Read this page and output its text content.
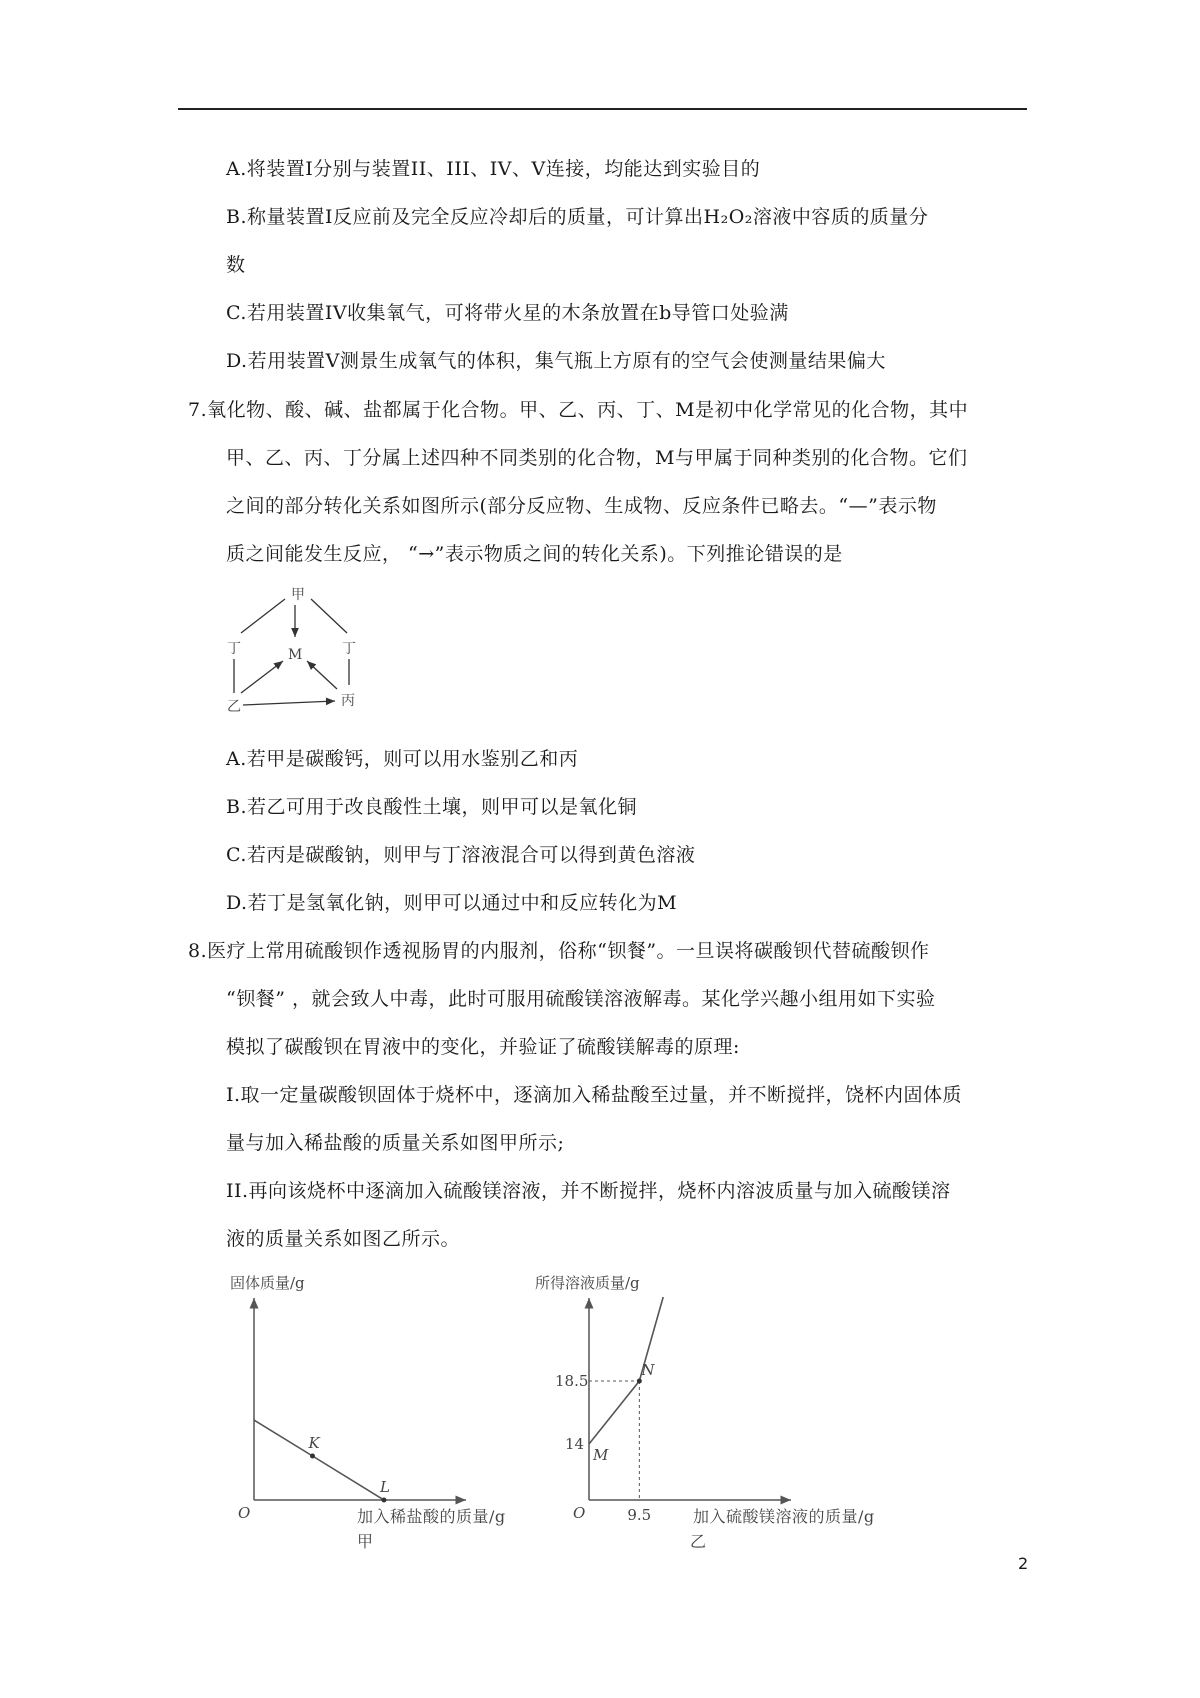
A.将装置Ⅰ分别与装置II、III、IV、V连接，均能达到实验目的
B.称量装置Ⅰ反应前及完全反应冷却后的质量，可计算出H₂O₂溶液中容质的质量分
数
C.若用装置IV收集氧气，可将带火星的木条放置在b导管口处验满
D.若用装置V测景生成氧气的体积，集气瓶上方原有的空气会使测量结果偏大
7.氧化物、酸、碱、盐都属于化合物。甲、乙、丙、丁、M是初中化学常见的化合物，其中
甲、乙、丙、丁分属上述四种不同类别的化合物，M与甲属于同种类别的化合物。它们
之间的部分转化关系如图所示(部分反应物、生成物、反应条件已略去。“—”表示物
质之间能发生反应， “→”表示物质之间的转化关系)。下列推论错误的是
甲
丁	丁
M
乙	丙
A.若甲是碳酸钙，则可以用水鉴别乙和丙
B.若乙可用于改良酸性土壤，则甲可以是氧化铜
C.若丙是碳酸钠，则甲与丁溶液混合可以得到黄色溶液
D.若丁是氢氧化钠，则甲可以通过中和反应转化为M
8.医疗上常用硫酸钡作透视肠胃的内服剂，俗称“钡餐”。一旦误将碳酸钡代替硫酸钡作
“钡餐” ，就会致人中毒，此时可服用硫酸镁溶液解毒。某化学兴趣小组用如下实验
模拟了碳酸钡在胃液中的变化，并验证了硫酸镁解毒的原理:
I.取一定量碳酸钡固体于烧杯中，逐滴加入稀盐酸至过量，并不断搅拌，饶杯内固体质
量与加入稀盐酸的质量关系如图甲所示;
II.再向该烧杯中逐滴加入硫酸镁溶液，并不断搅拌，烧杯内溶波质量与加入硫酸镁溶
液的质量关系如图乙所示。
固体质量/g
O
K
L
加入稀盐酸的质量/g
甲
所得溶液质量/g
O
N
M
18.5
14
9.5	加入硫酸镁溶液的质量/g
乙
2
